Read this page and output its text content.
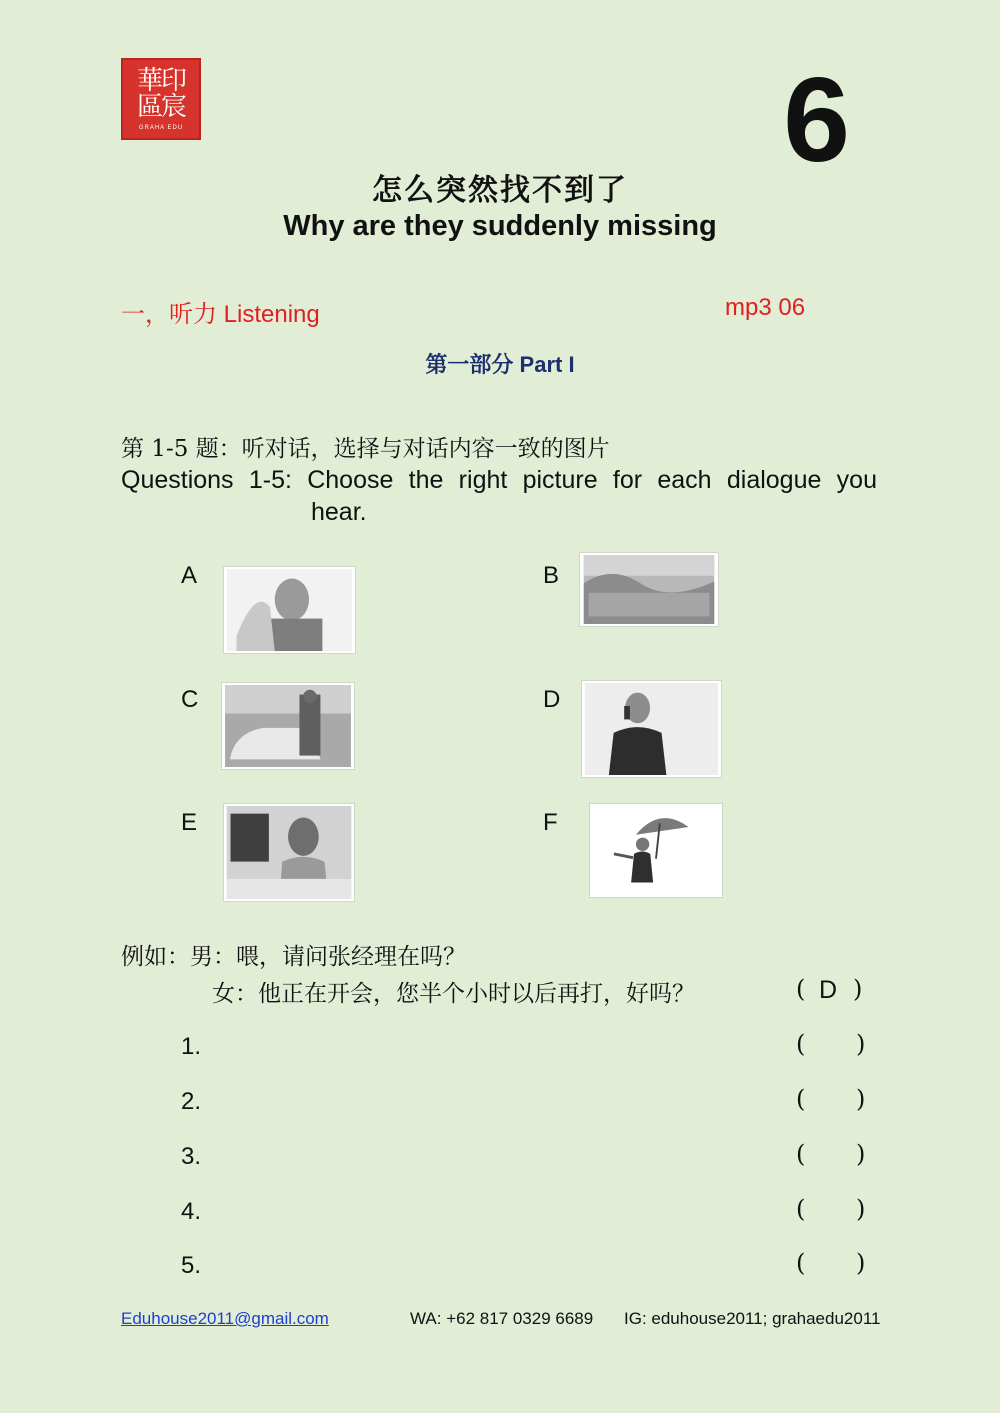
華印
區宸
GRAHA EDU	6
怎么突然找不到了
Why are they suddenly missing
一，听力 Listening	mp3 06
第一部分 Part I
第 1-5 题：听对话，选择与对话内容一致的图片
Questions 1-5: Choose the right picture for each dialogue you
hear.
A	B
C	D
E	F
例如：男：喂，请问张经理在吗？
女：他正在开会，您半个小时以后再打，好吗？	( D )
1.	( )
2.	( )
3.	( )
4.	( )
5.	( )
Eduhouse2011@gmail.com	WA: +62 817 0329 6689 IG: eduhouse2011; grahaedu2011
